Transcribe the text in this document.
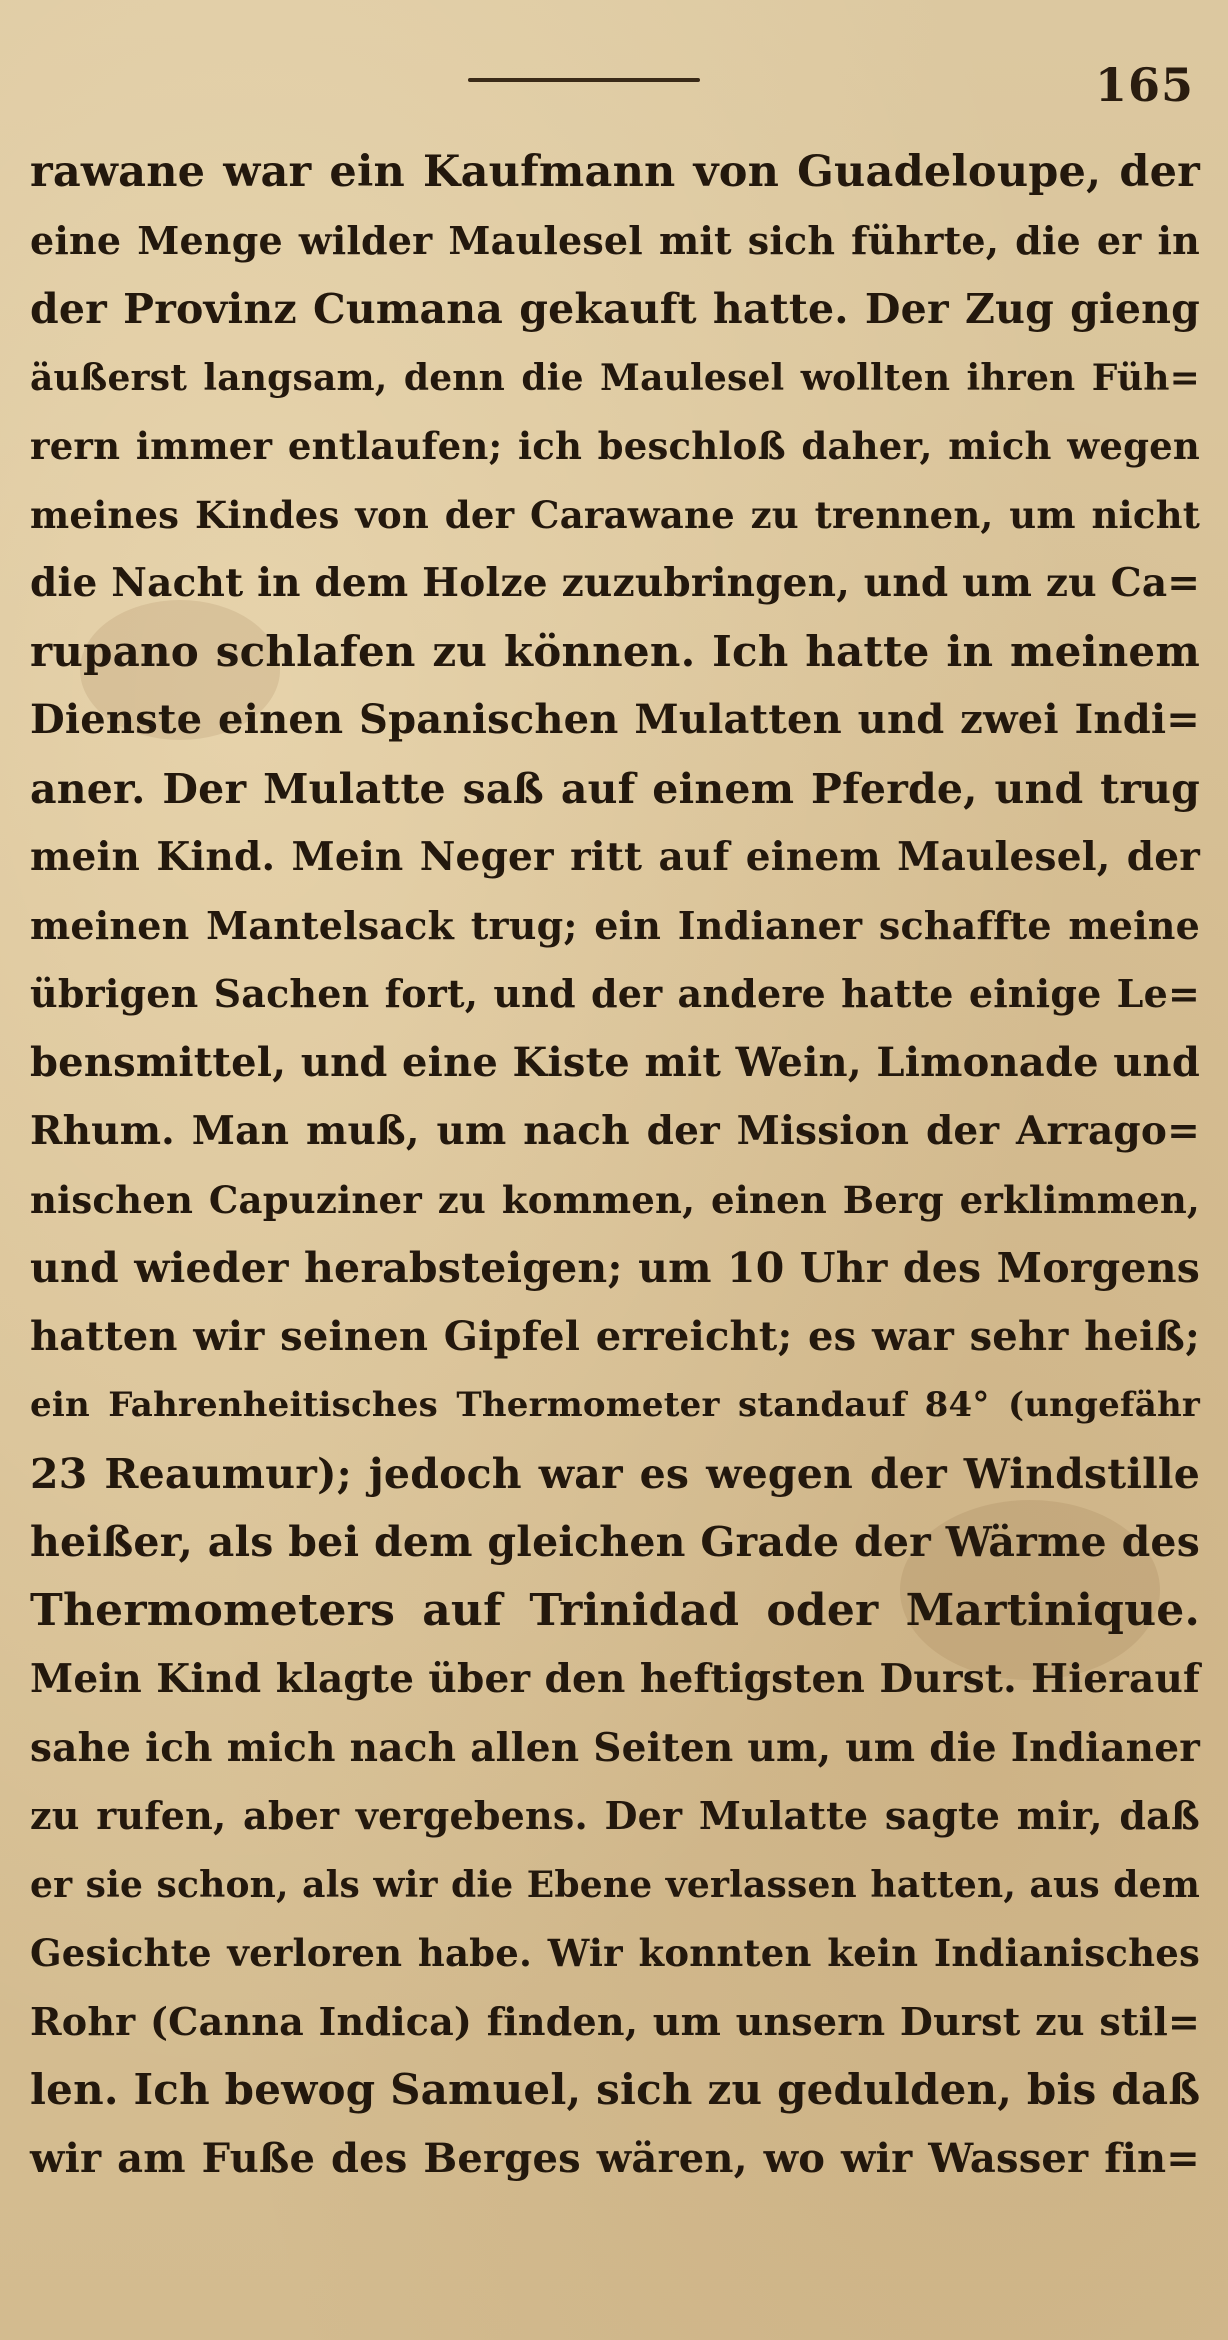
165
rawane war ein Kaufmann von Guadeloupe, der
eine Menge wilder Maulesel mit sich führte, die er in
der Provinz Cumana gekauft hatte. Der Zug gieng
äußerst langsam, denn die Maulesel wollten ihren Füh=
rern immer entlaufen; ich beschloß daher, mich wegen
meines Kindes von der Carawane zu trennen, um nicht
die Nacht in dem Holze zuzubringen, und um zu Ca=
rupano schlafen zu können. Ich hatte in meinem
Dienste einen Spanischen Mulatten und zwei Indi=
aner. Der Mulatte saß auf einem Pferde, und trug
mein Kind. Mein Neger ritt auf einem Maulesel, der
meinen Mantelsack trug; ein Indianer schaffte meine
übrigen Sachen fort, und der andere hatte einige Le=
bensmittel, und eine Kiste mit Wein, Limonade und
Rhum. Man muß, um nach der Mission der Arrago=
nischen Capuziner zu kommen, einen Berg erklimmen,
und wieder herabsteigen; um 10 Uhr des Morgens
hatten wir seinen Gipfel erreicht; es war sehr heiß;
ein Fahrenheitisches Thermometer standauf 84° (ungefähr
23 Reaumur); jedoch war es wegen der Windstille
heißer, als bei dem gleichen Grade der Wärme des
Thermometers auf Trinidad oder Martinique.
Mein Kind klagte über den heftigsten Durst. Hierauf
sahe ich mich nach allen Seiten um, um die Indianer
zu rufen, aber vergebens. Der Mulatte sagte mir, daß
er sie schon, als wir die Ebene verlassen hatten, aus dem
Gesichte verloren habe. Wir konnten kein Indianisches
Rohr (Canna Indica) finden, um unsern Durst zu stil=
len. Ich bewog Samuel, sich zu gedulden, bis daß
wir am Fuße des Berges wären, wo wir Wasser fin=
